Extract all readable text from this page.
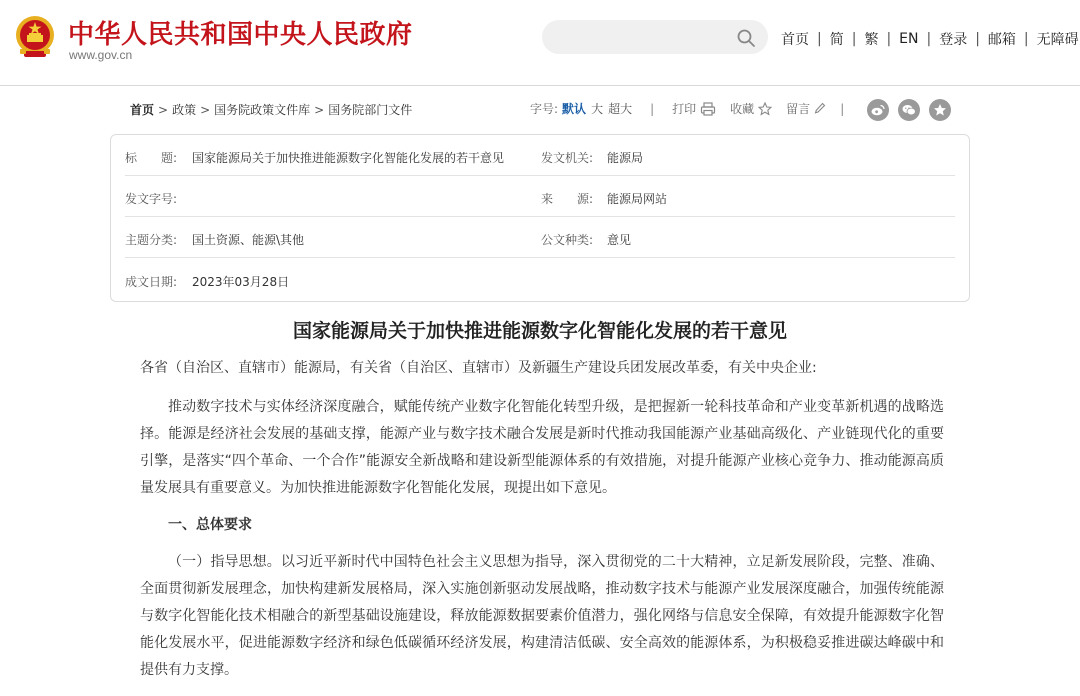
中华人民共和国中央人民政府
www.gov.cn
首页 | 简 | 繁 | EN | 登录 | 邮箱 | 无障碍
首页 > 政策 > 国务院政策文件库 > 国务院部门文件	字号: 默认 大 超大 | 打印	收藏	留言	|
标　　题: 国家能源局关于加快推进能源数字化智能化发展的若干意见	发文机关: 能源局
发文字号:	来　　源: 能源局网站
主题分类: 国土资源、能源\其他	公文种类: 意见
成文日期: 2023年03月28日
国家能源局关于加快推进能源数字化智能化发展的若干意见

各省（自治区、直辖市）能源局，有关省（自治区、直辖市）及新疆生产建设兵团发展改革委，有关中央企业:

推动数字技术与实体经济深度融合，赋能传统产业数字化智能化转型升级，是把握新一轮科技革命和产业变革新机遇的战略选择。能源是经济社会发展的基础支撑，能源产业与数字技术融合发展是新时代推动我国能源产业基础高级化、产业链现代化的重要引擎，是落实“四个革命、一个合作”能源安全新战略和建设新型能源体系的有效措施，对提升能源产业核心竞争力、推动能源高质量发展具有重要意义。为加快推进能源数字化智能化发展，现提出如下意见。

一、总体要求

（一）指导思想。以习近平新时代中国特色社会主义思想为指导，深入贯彻党的二十大精神，立足新发展阶段，完整、准确、全面贯彻新发展理念，加快构建新发展格局，深入实施创新驱动发展战略，推动数字技术与能源产业发展深度融合，加强传统能源与数字化智能化技术相融合的新型基础设施建设，释放能源数据要素价值潜力，强化网络与信息安全保障，有效提升能源数字化智能化发展水平，促进能源数字经济和绿色低碳循环经济发展，构建清洁低碳、安全高效的能源体系，为积极稳妥推进碳达峰碳中和提供有力支撑。
